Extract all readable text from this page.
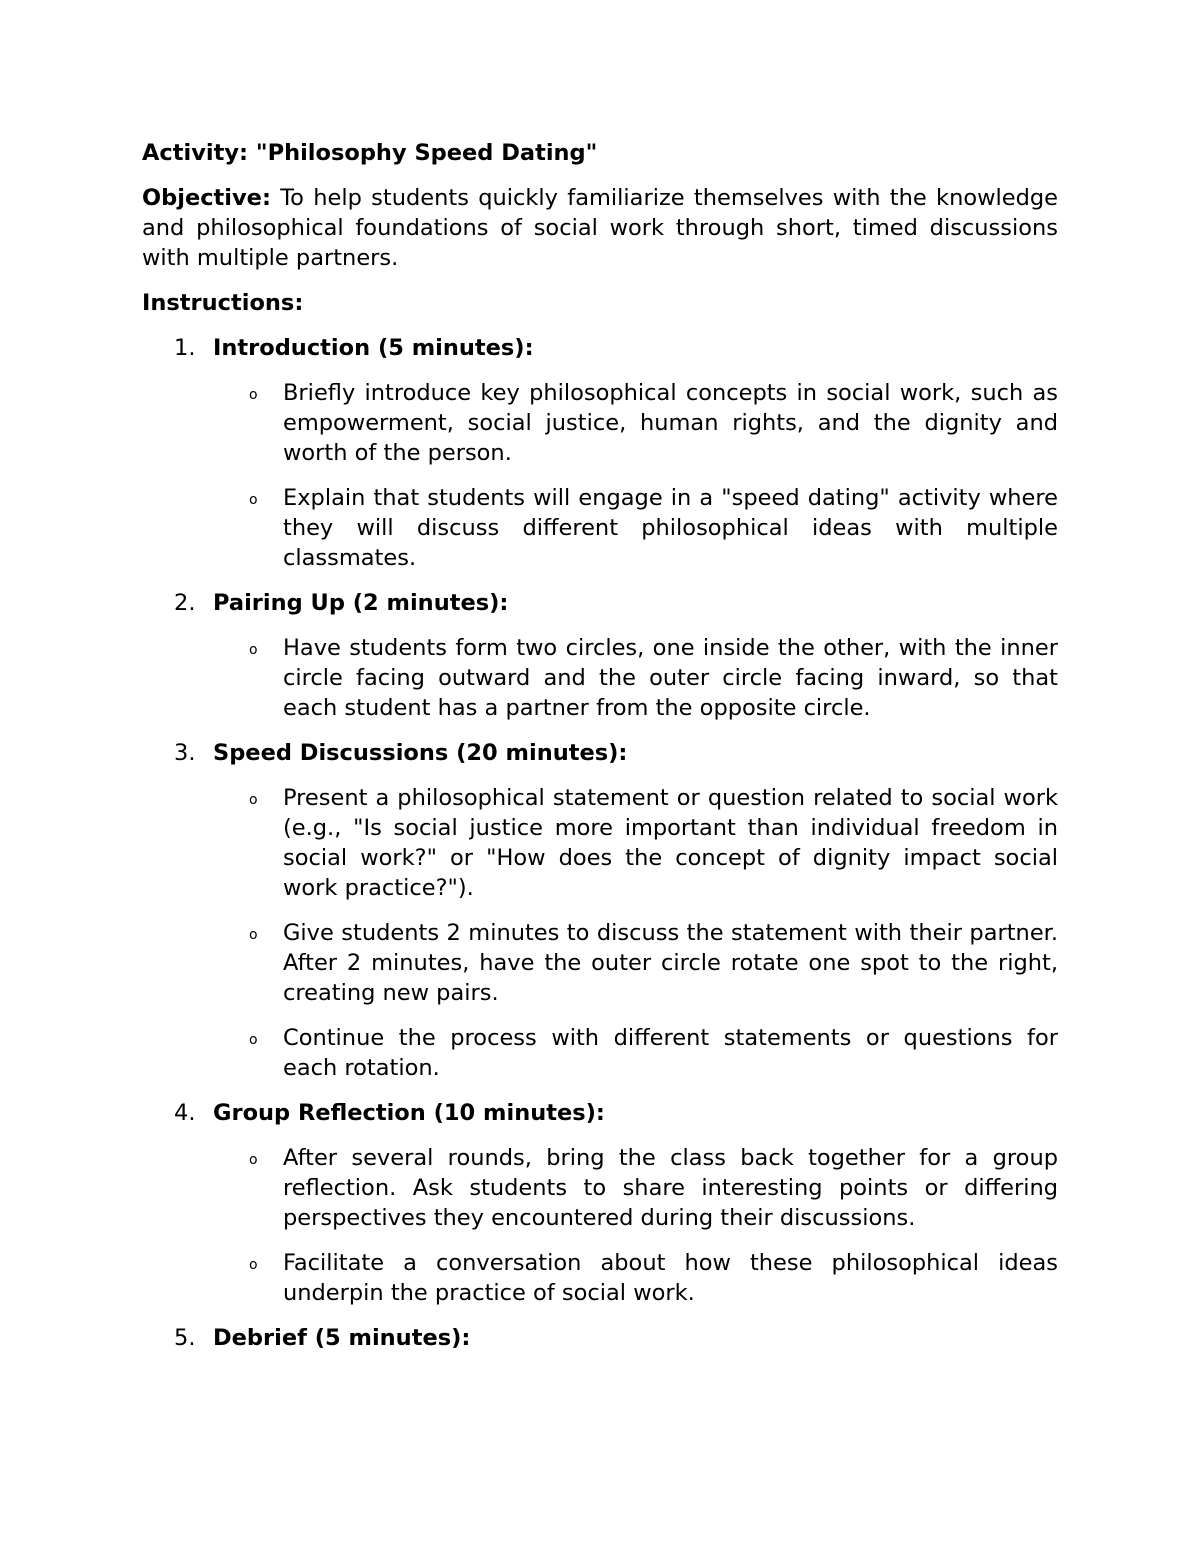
Activity: "Philosophy Speed Dating"

Objective: To help students quickly familiarize themselves with the knowledge and philosophical foundations of social work through short, timed discussions with multiple partners.

Instructions:
1. Introduction (5 minutes):
o Briefly introduce key philosophical concepts in social work, such as empowerment, social justice, human rights, and the dignity and worth of the person.
o Explain that students will engage in a "speed dating" activity where they will discuss different philosophical ideas with multiple classmates.
2. Pairing Up (2 minutes):
o Have students form two circles, one inside the other, with the inner circle facing outward and the outer circle facing inward, so that each student has a partner from the opposite circle.
3. Speed Discussions (20 minutes):
o Present a philosophical statement or question related to social work (e.g., "Is social justice more important than individual freedom in social work?" or "How does the concept of dignity impact social work practice?").
o Give students 2 minutes to discuss the statement with their partner. After 2 minutes, have the outer circle rotate one spot to the right, creating new pairs.
o Continue the process with different statements or questions for each rotation.
4. Group Reflection (10 minutes):
o After several rounds, bring the class back together for a group reflection. Ask students to share interesting points or differing perspectives they encountered during their discussions.
o Facilitate a conversation about how these philosophical ideas underpin the practice of social work.
5. Debrief (5 minutes):
